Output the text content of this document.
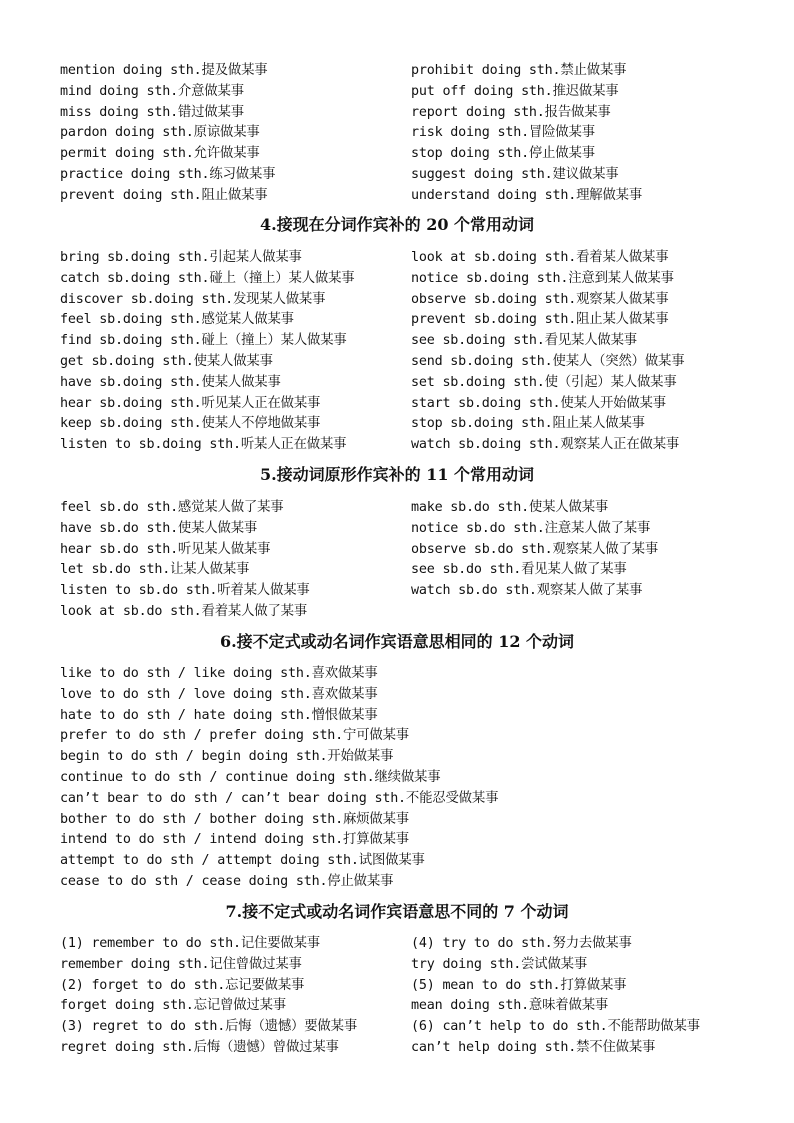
mention doing sth.提及做某事	prohibit doing sth.禁止做某事
mind doing sth.介意做某事	put off doing sth.推迟做某事
miss doing sth.错过做某事	report doing sth.报告做某事
pardon doing sth.原谅做某事	risk doing sth.冒险做某事
permit doing sth.允许做某事	stop doing sth.停止做某事
practice doing sth.练习做某事	suggest doing sth.建议做某事
prevent doing sth.阻止做某事	understand doing sth.理解做某事
4.接现在分词作宾补的 20 个常用动词
bring sb.doing sth.引起某人做某事	look at sb.doing sth.看着某人做某事
catch sb.doing sth.碰上（撞上）某人做某事	notice sb.doing sth.注意到某人做某事
discover sb.doing sth.发现某人做某事	observe sb.doing sth.观察某人做某事
feel sb.doing sth.感觉某人做某事	prevent sb.doing sth.阻止某人做某事
find sb.doing sth.碰上（撞上）某人做某事	see sb.doing sth.看见某人做某事
get sb.doing sth.使某人做某事	send sb.doing sth.使某人（突然）做某事
have sb.doing sth.使某人做某事	set sb.doing sth.使（引起）某人做某事
hear sb.doing sth.听见某人正在做某事	start sb.doing sth.使某人开始做某事
keep sb.doing sth.使某人不停地做某事	stop sb.doing sth.阻止某人做某事
listen to sb.doing sth.听某人正在做某事	watch sb.doing sth.观察某人正在做某事
5.接动词原形作宾补的 11 个常用动词
feel sb.do sth.感觉某人做了某事	make sb.do sth.使某人做某事
have sb.do sth.使某人做某事	notice sb.do sth.注意某人做了某事
hear sb.do sth.听见某人做某事	observe sb.do sth.观察某人做了某事
let sb.do sth.让某人做某事	see sb.do sth.看见某人做了某事
listen to sb.do sth.听着某人做某事	watch sb.do sth.观察某人做了某事
look at sb.do sth.看着某人做了某事
6.接不定式或动名词作宾语意思相同的 12 个动词
like to do sth / like doing sth.喜欢做某事
love to do sth / love doing sth.喜欢做某事
hate to do sth / hate doing sth.憎恨做某事
prefer to do sth / prefer doing sth.宁可做某事
begin to do sth / begin doing sth.开始做某事
continue to do sth / continue doing sth.继续做某事
can’t bear to do sth / can’t bear doing sth.不能忍受做某事
bother to do sth / bother doing sth.麻烦做某事
intend to do sth / intend doing sth.打算做某事
attempt to do sth / attempt doing sth.试图做某事
cease to do sth / cease doing sth.停止做某事
7.接不定式或动名词作宾语意思不同的 7 个动词
(1) remember to do sth.记住要做某事	(4) try to do sth.努力去做某事
remember doing sth.记住曾做过某事	try doing sth.尝试做某事
(2) forget to do sth.忘记要做某事	(5) mean to do sth.打算做某事
forget doing sth.忘记曾做过某事	mean doing sth.意味着做某事
(3) regret to do sth.后悔（遗憾）要做某事	(6) can’t help to do sth.不能帮助做某事
regret doing sth.后悔（遗憾）曾做过某事	can’t help doing sth.禁不住做某事
